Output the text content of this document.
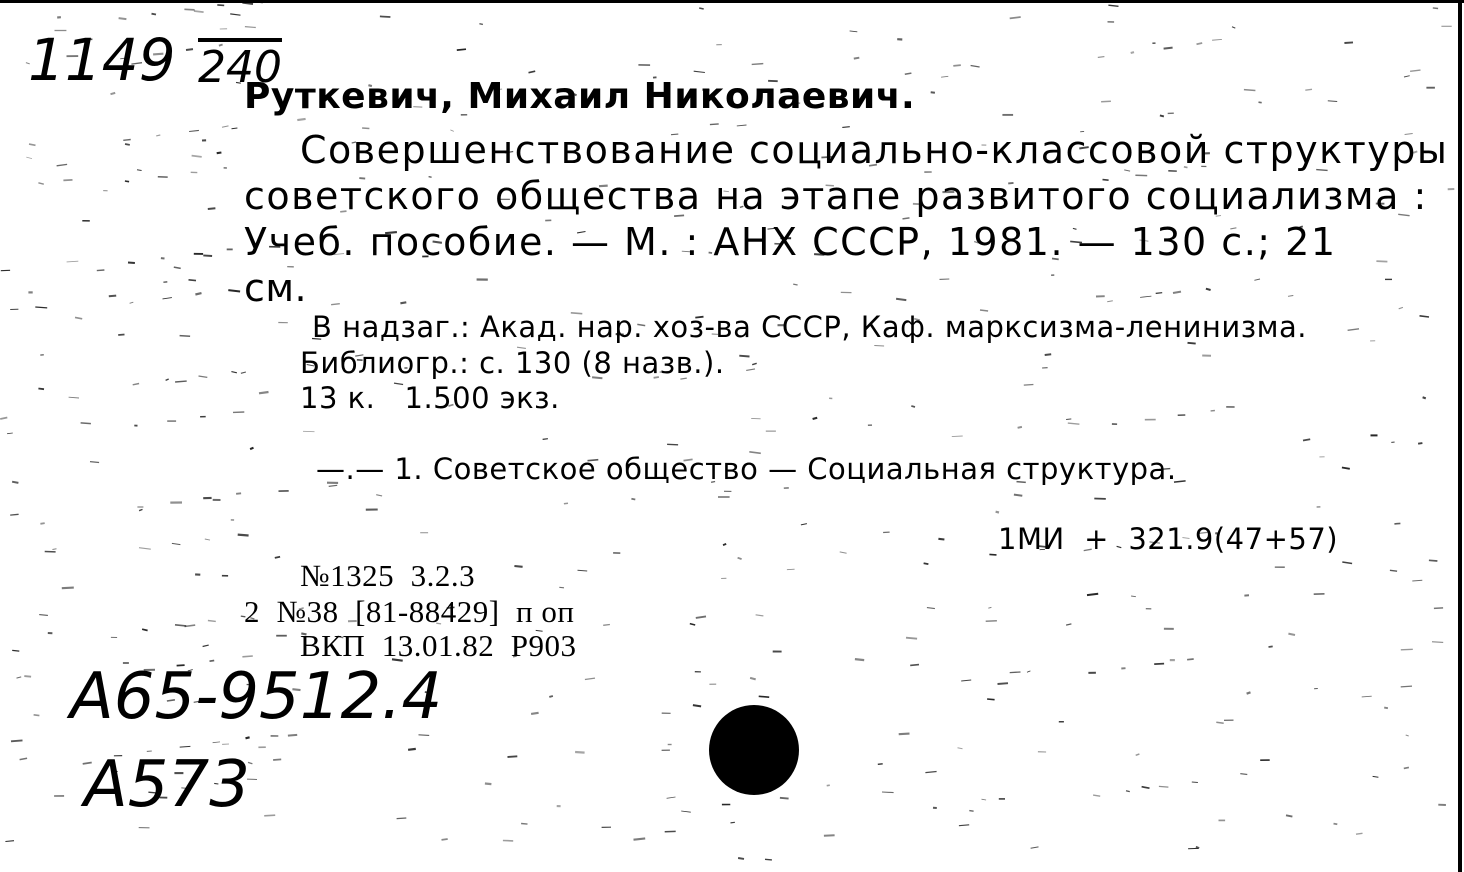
1149 240
Руткевич, Михаил Николаевич.
Совершенствование социально-классовой структуры
советского общества на этапе развитого социализма :
Учеб. пособие. — М. : АНХ СССР, 1981. — 130 с.; 21
см.
В надзаг.: Акад. нар. хоз-ва СССР, Каф. марксизма-ленинизма.
Библиогр.: с. 130 (8 назв.).
13 к.   1.500 экз.
—.— 1. Советское общество — Социальная структура.
1МИ  +  321.9(47+57)
№1325  3.2.3
2  №38  [81-88429]  п оп
ВКП  13.01.82  Р903
А65-9512.4
А573
